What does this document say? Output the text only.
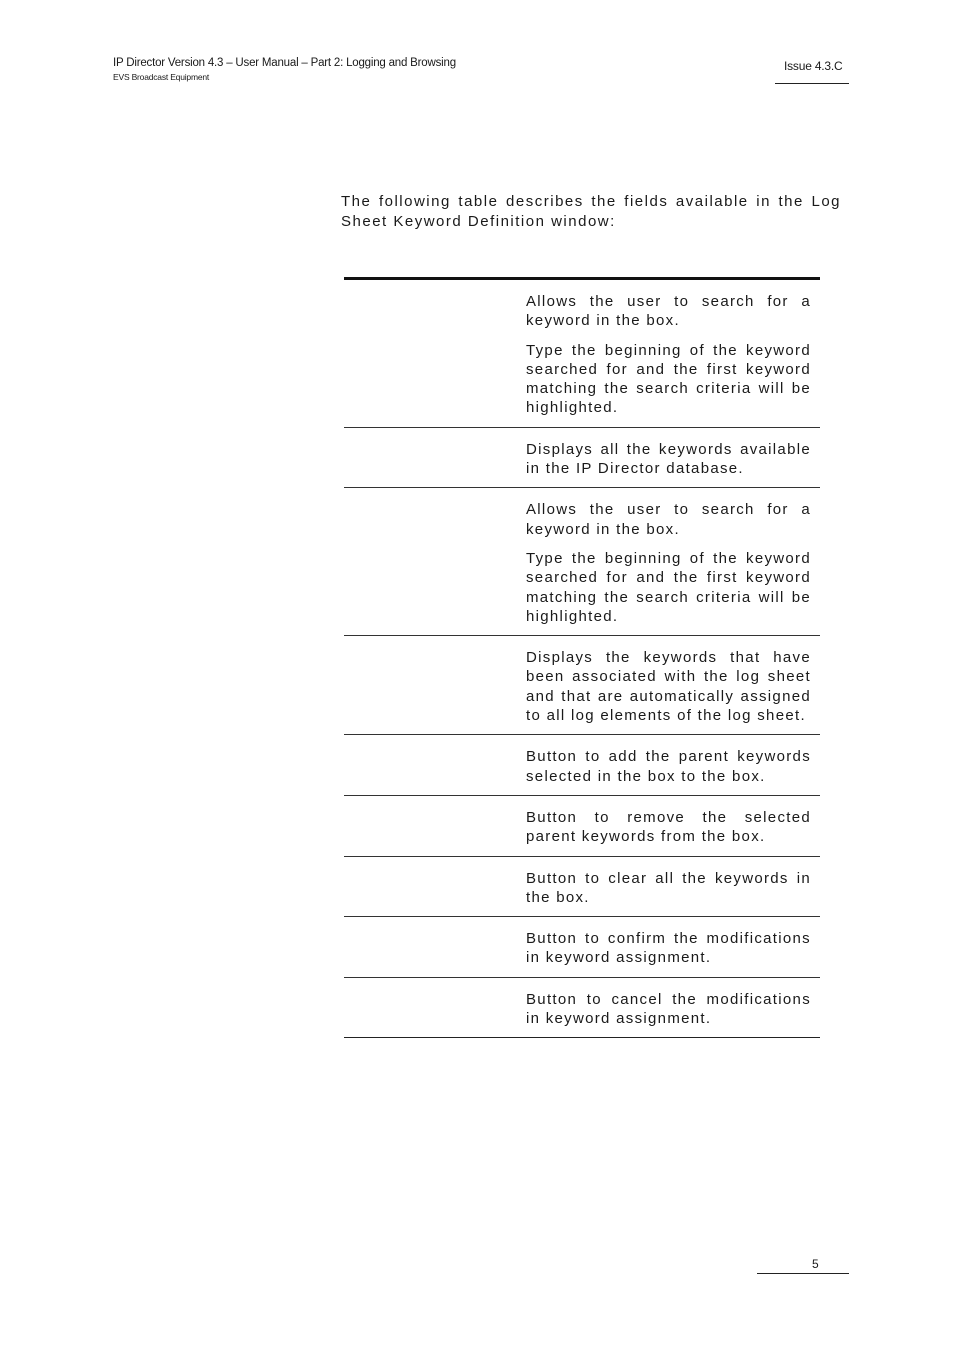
IP Director Version 4.3 – User Manual – Part 2: Logging and Browsing
EVS Broadcast Equipment
Issue 4.3.C
The following table describes the fields available in the Log Sheet Keyword Definition window:

Allows the user to search for a keyword in the box.

Type the beginning of the keyword searched for and the first keyword matching the search criteria will be highlighted.

Displays all the keywords available in the IP Director database.

Allows the user to search for a keyword in the box.

Type the beginning of the keyword searched for and the first keyword matching the search criteria will be highlighted.

Displays the keywords that have been associated with the log sheet and that are automatically assigned to all log elements of the log sheet.

Button to add the parent keywords selected in the box to the box.

Button to remove the selected parent keywords from the box.

Button to clear all the keywords in the box.

Button to confirm the modifications in keyword assignment.

Button to cancel the modifications in keyword assignment.

5
